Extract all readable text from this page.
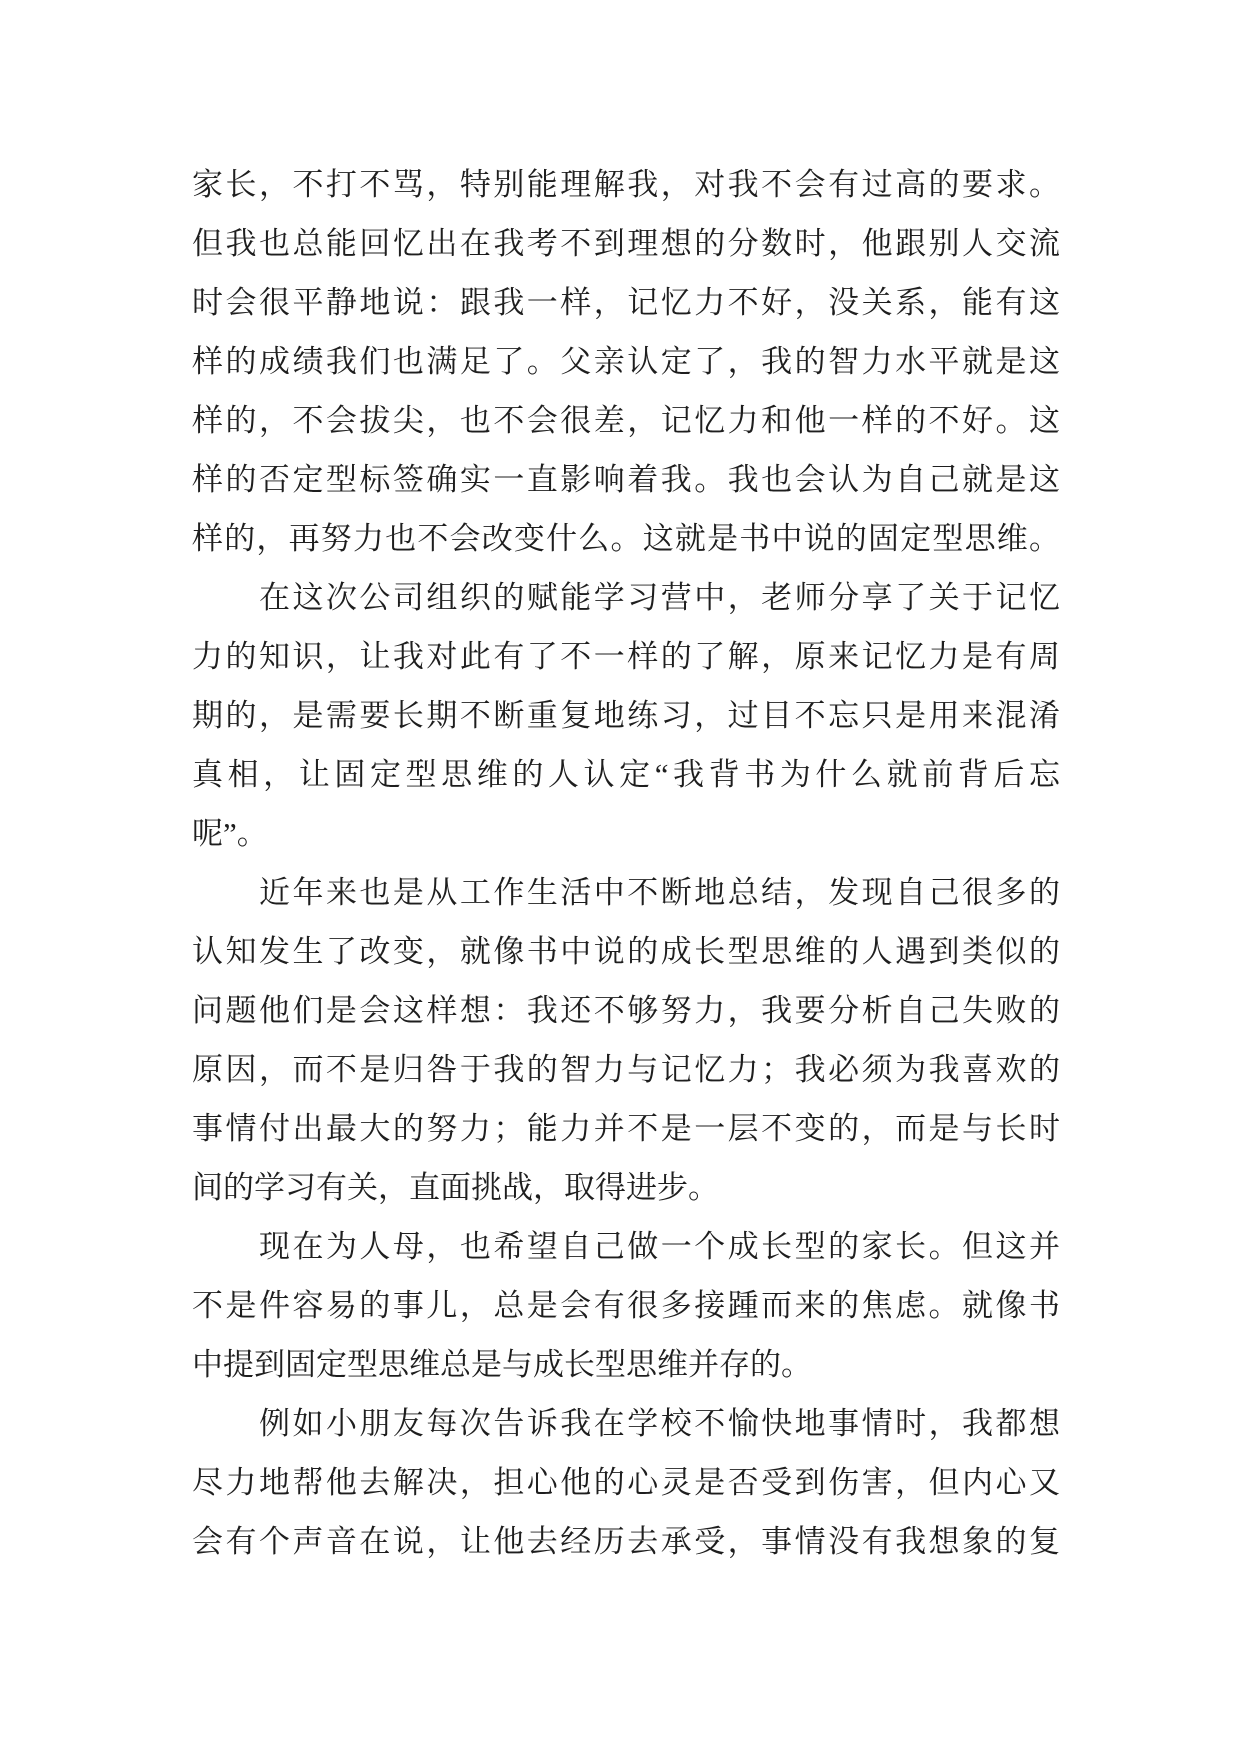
家长，不打不骂，特别能理解我，对我不会有过高的要求。
但我也总能回忆出在我考不到理想的分数时，他跟别人交流
时会很平静地说：跟我一样，记忆力不好，没关系，能有这
样的成绩我们也满足了。父亲认定了，我的智力水平就是这
样的，不会拔尖，也不会很差，记忆力和他一样的不好。这
样的否定型标签确实一直影响着我。我也会认为自己就是这
样的，再努力也不会改变什么。这就是书中说的固定型思维。
在这次公司组织的赋能学习营中，老师分享了关于记忆
力的知识，让我对此有了不一样的了解，原来记忆力是有周
期的，是需要长期不断重复地练习，过目不忘只是用来混淆
真相，让固定型思维的人认定“我背书为什么就前背后忘
呢”。
近年来也是从工作生活中不断地总结，发现自己很多的
认知发生了改变，就像书中说的成长型思维的人遇到类似的
问题他们是会这样想：我还不够努力，我要分析自己失败的
原因，而不是归咎于我的智力与记忆力；我必须为我喜欢的
事情付出最大的努力；能力并不是一层不变的，而是与长时
间的学习有关，直面挑战，取得进步。
现在为人母，也希望自己做一个成长型的家长。但这并
不是件容易的事儿，总是会有很多接踵而来的焦虑。就像书
中提到固定型思维总是与成长型思维并存的。
例如小朋友每次告诉我在学校不愉快地事情时，我都想
尽力地帮他去解决，担心他的心灵是否受到伤害，但内心又
会有个声音在说，让他去经历去承受，事情没有我想象的复
